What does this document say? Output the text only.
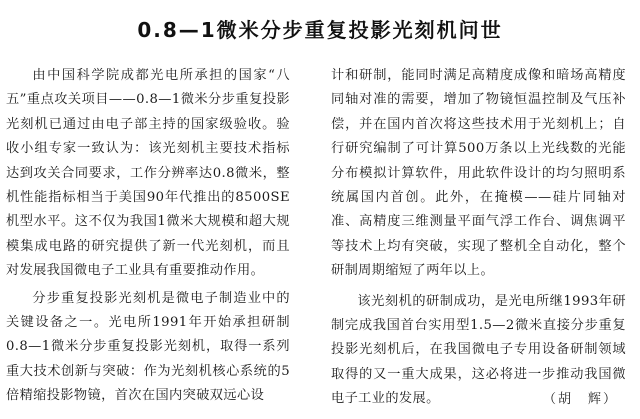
0.8—1微米分步重复投影光刻机问世

由中国科学院成都光电所承担的国家“八五”重点攻关项目——0.8—1微米分步重复投影光刻机已通过由电子部主持的国家级验收。验收小组专家一致认为：该光刻机主要技术指标达到攻关合同要求，工作分辨率达0.8微米，整机性能指标相当于美国90年代推出的8500SE机型水平。这不仅为我国1微米大规模和超大规模集成电路的研究提供了新一代光刻机，而且对发展我国微电子工业具有重要推动作用。

分步重复投影光刻机是微电子制造业中的关键设备之一。光电所1991年开始承担研制0.8—1微米分步重复投影光刻机，取得一系列重大技术创新与突破：作为光刻机核心系统的5倍精缩投影物镜，首次在国内突破双远心设

计和研制，能同时满足高精度成像和暗场高精度同轴对准的需要，增加了物镜恒温控制及气压补偿，并在国内首次将这些技术用于光刻机上；自行研究编制了可计算500万条以上光线数的光能分布模拟计算软件，用此软件设计的均匀照明系统属国内首创。此外，在掩模——硅片同轴对准、高精度三维测量平面气浮工作台、调焦调平等技术上均有突破，实现了整机全自动化，整个研制周期缩短了两年以上。

该光刻机的研制成功，是光电所继1993年研制完成我国首台实用型1.5—2微米直接分步重复投影光刻机后，在我国微电子专用设备研制领域取得的又一重大成果，这必将进一步推动我国微电子工业的发展。	（胡　辉）
